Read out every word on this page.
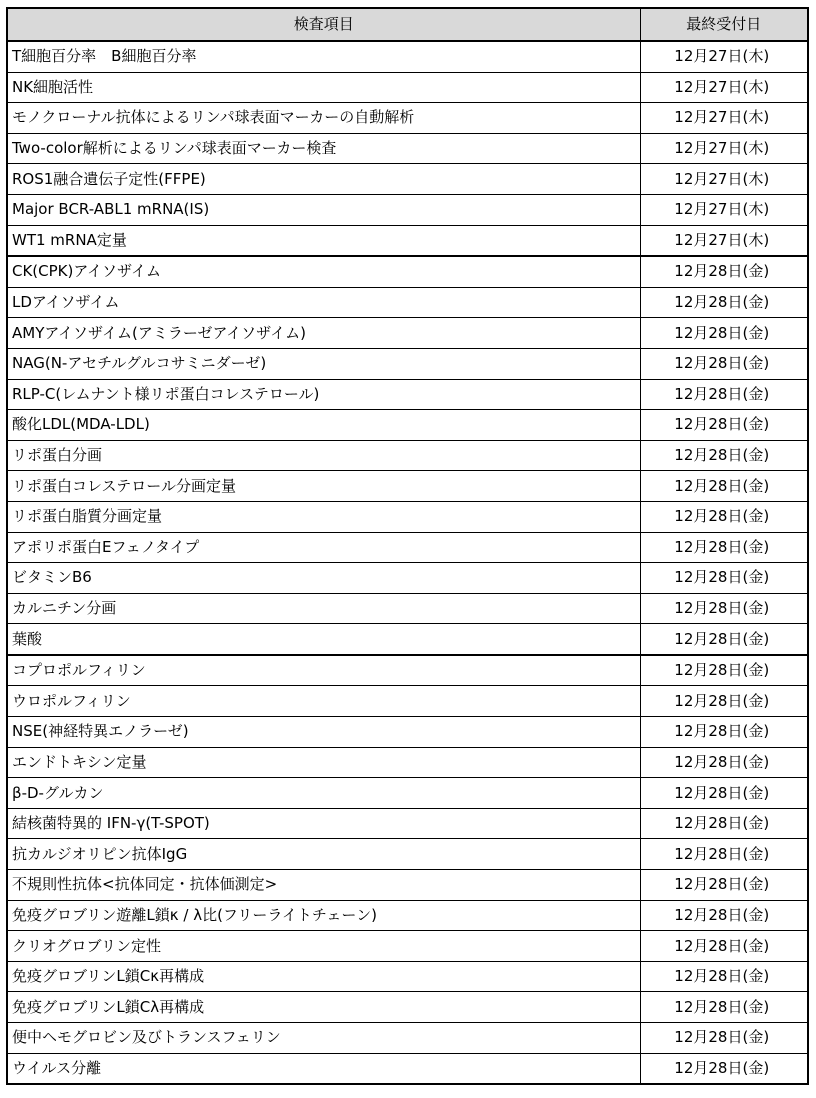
検査項目	最終受付日
T細胞百分率　B細胞百分率	12月27日(木)
NK細胞活性	12月27日(木)
モノクローナル抗体によるリンパ球表面マーカーの自動解析	12月27日(木)
Two-color解析によるリンパ球表面マーカー検査	12月27日(木)
ROS1融合遺伝子定性(FFPE)	12月27日(木)
Major BCR-ABL1 mRNA(IS)	12月27日(木)
WT1 mRNA定量	12月27日(木)
CK(CPK)アイソザイム	12月28日(金)
LDアイソザイム	12月28日(金)
AMYアイソザイム(アミラーゼアイソザイム)	12月28日(金)
NAG(N-アセチルグルコサミニダーゼ)	12月28日(金)
RLP-C(レムナント様リポ蛋白コレステロール)	12月28日(金)
酸化LDL(MDA-LDL)	12月28日(金)
リポ蛋白分画	12月28日(金)
リポ蛋白コレステロール分画定量	12月28日(金)
リポ蛋白脂質分画定量	12月28日(金)
アポリポ蛋白Eフェノタイプ	12月28日(金)
ビタミンB6	12月28日(金)
カルニチン分画	12月28日(金)
葉酸	12月28日(金)
コプロポルフィリン	12月28日(金)
ウロポルフィリン	12月28日(金)
NSE(神経特異エノラーゼ)	12月28日(金)
エンドトキシン定量	12月28日(金)
β-D-グルカン	12月28日(金)
結核菌特異的 IFN-γ(T-SPOT)	12月28日(金)
抗カルジオリピン抗体IgG	12月28日(金)
不規則性抗体<抗体同定・抗体価測定>	12月28日(金)
免疫グロブリン遊離L鎖κ / λ比(フリーライトチェーン)	12月28日(金)
クリオグロブリン定性	12月28日(金)
免疫グロブリンL鎖Cκ再構成	12月28日(金)
免疫グロブリンL鎖Cλ再構成	12月28日(金)
便中ヘモグロビン及びトランスフェリン	12月28日(金)
ウイルス分離	12月28日(金)
